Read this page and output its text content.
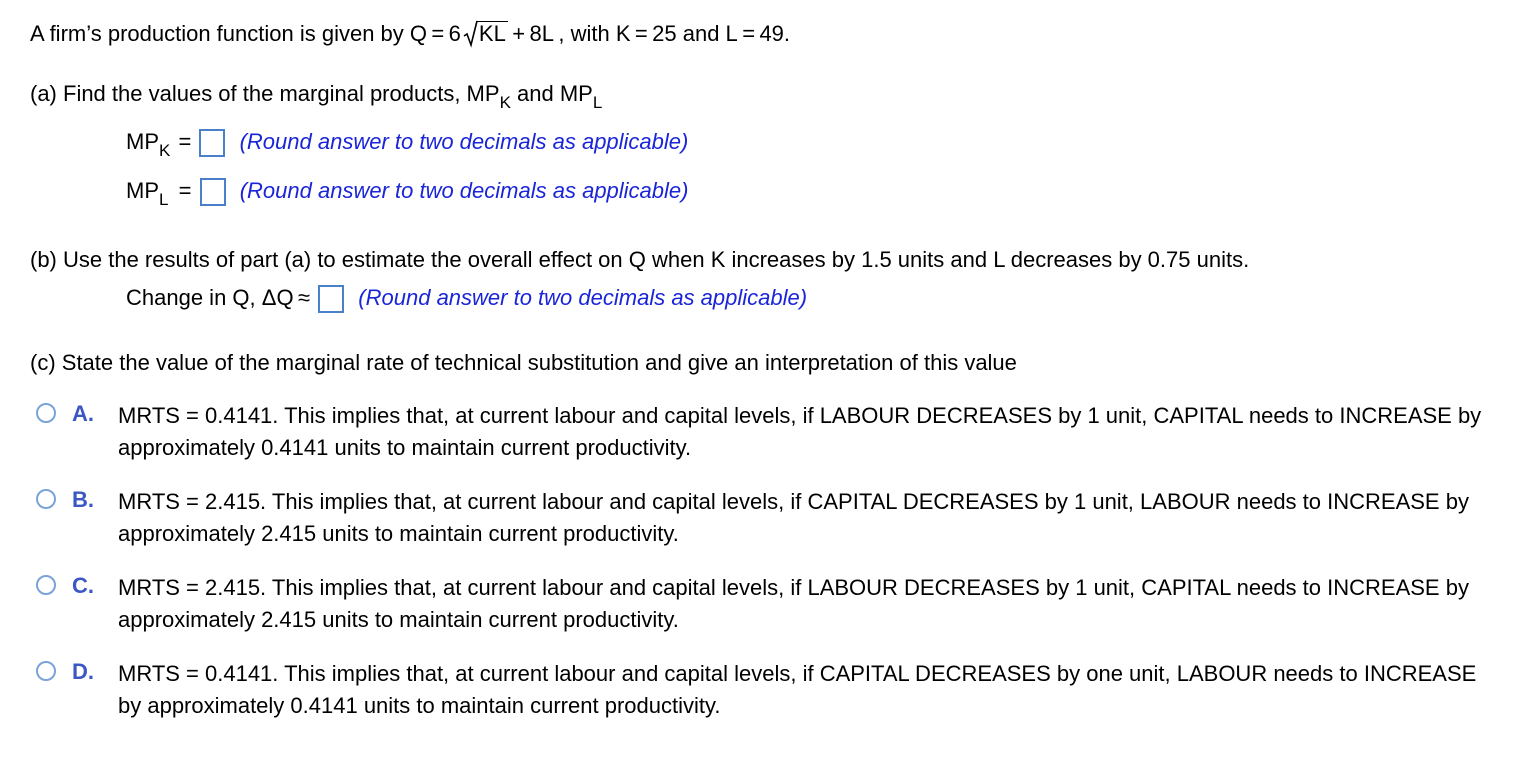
A firm’s production function is given by Q = 6 KL + 8L , with K = 25 and L = 49.
(a) Find the values of the marginal products, $MP_K$ and $MP_L$
$MP_K$ = (Round answer to two decimals as applicable)
$MP_L$ = (Round answer to two decimals as applicable)
(b) Use the results of part (a) to estimate the overall effect on Q when K increases by 1.5 units and L decreases by 0.75 units.
Change in Q, ΔQ ≈ (Round answer to two decimals as applicable)
(c) State the value of the marginal rate of technical substitution and give an interpretation of this value
A. MRTS = 0.4141. This implies that, at current labour and capital levels, if LABOUR DECREASES by 1 unit, CAPITAL needs to INCREASE by approximately 0.4141 units to maintain current productivity.
B. MRTS = 2.415. This implies that, at current labour and capital levels, if CAPITAL DECREASES by 1 unit, LABOUR needs to INCREASE by approximately 2.415 units to maintain current productivity.
C. MRTS = 2.415. This implies that, at current labour and capital levels, if LABOUR DECREASES by 1 unit, CAPITAL needs to INCREASE by approximately 2.415 units to maintain current productivity.
D. MRTS = 0.4141. This implies that, at current labour and capital levels, if CAPITAL DECREASES by one unit, LABOUR needs to INCREASE by approximately 0.4141 units to maintain current productivity.
